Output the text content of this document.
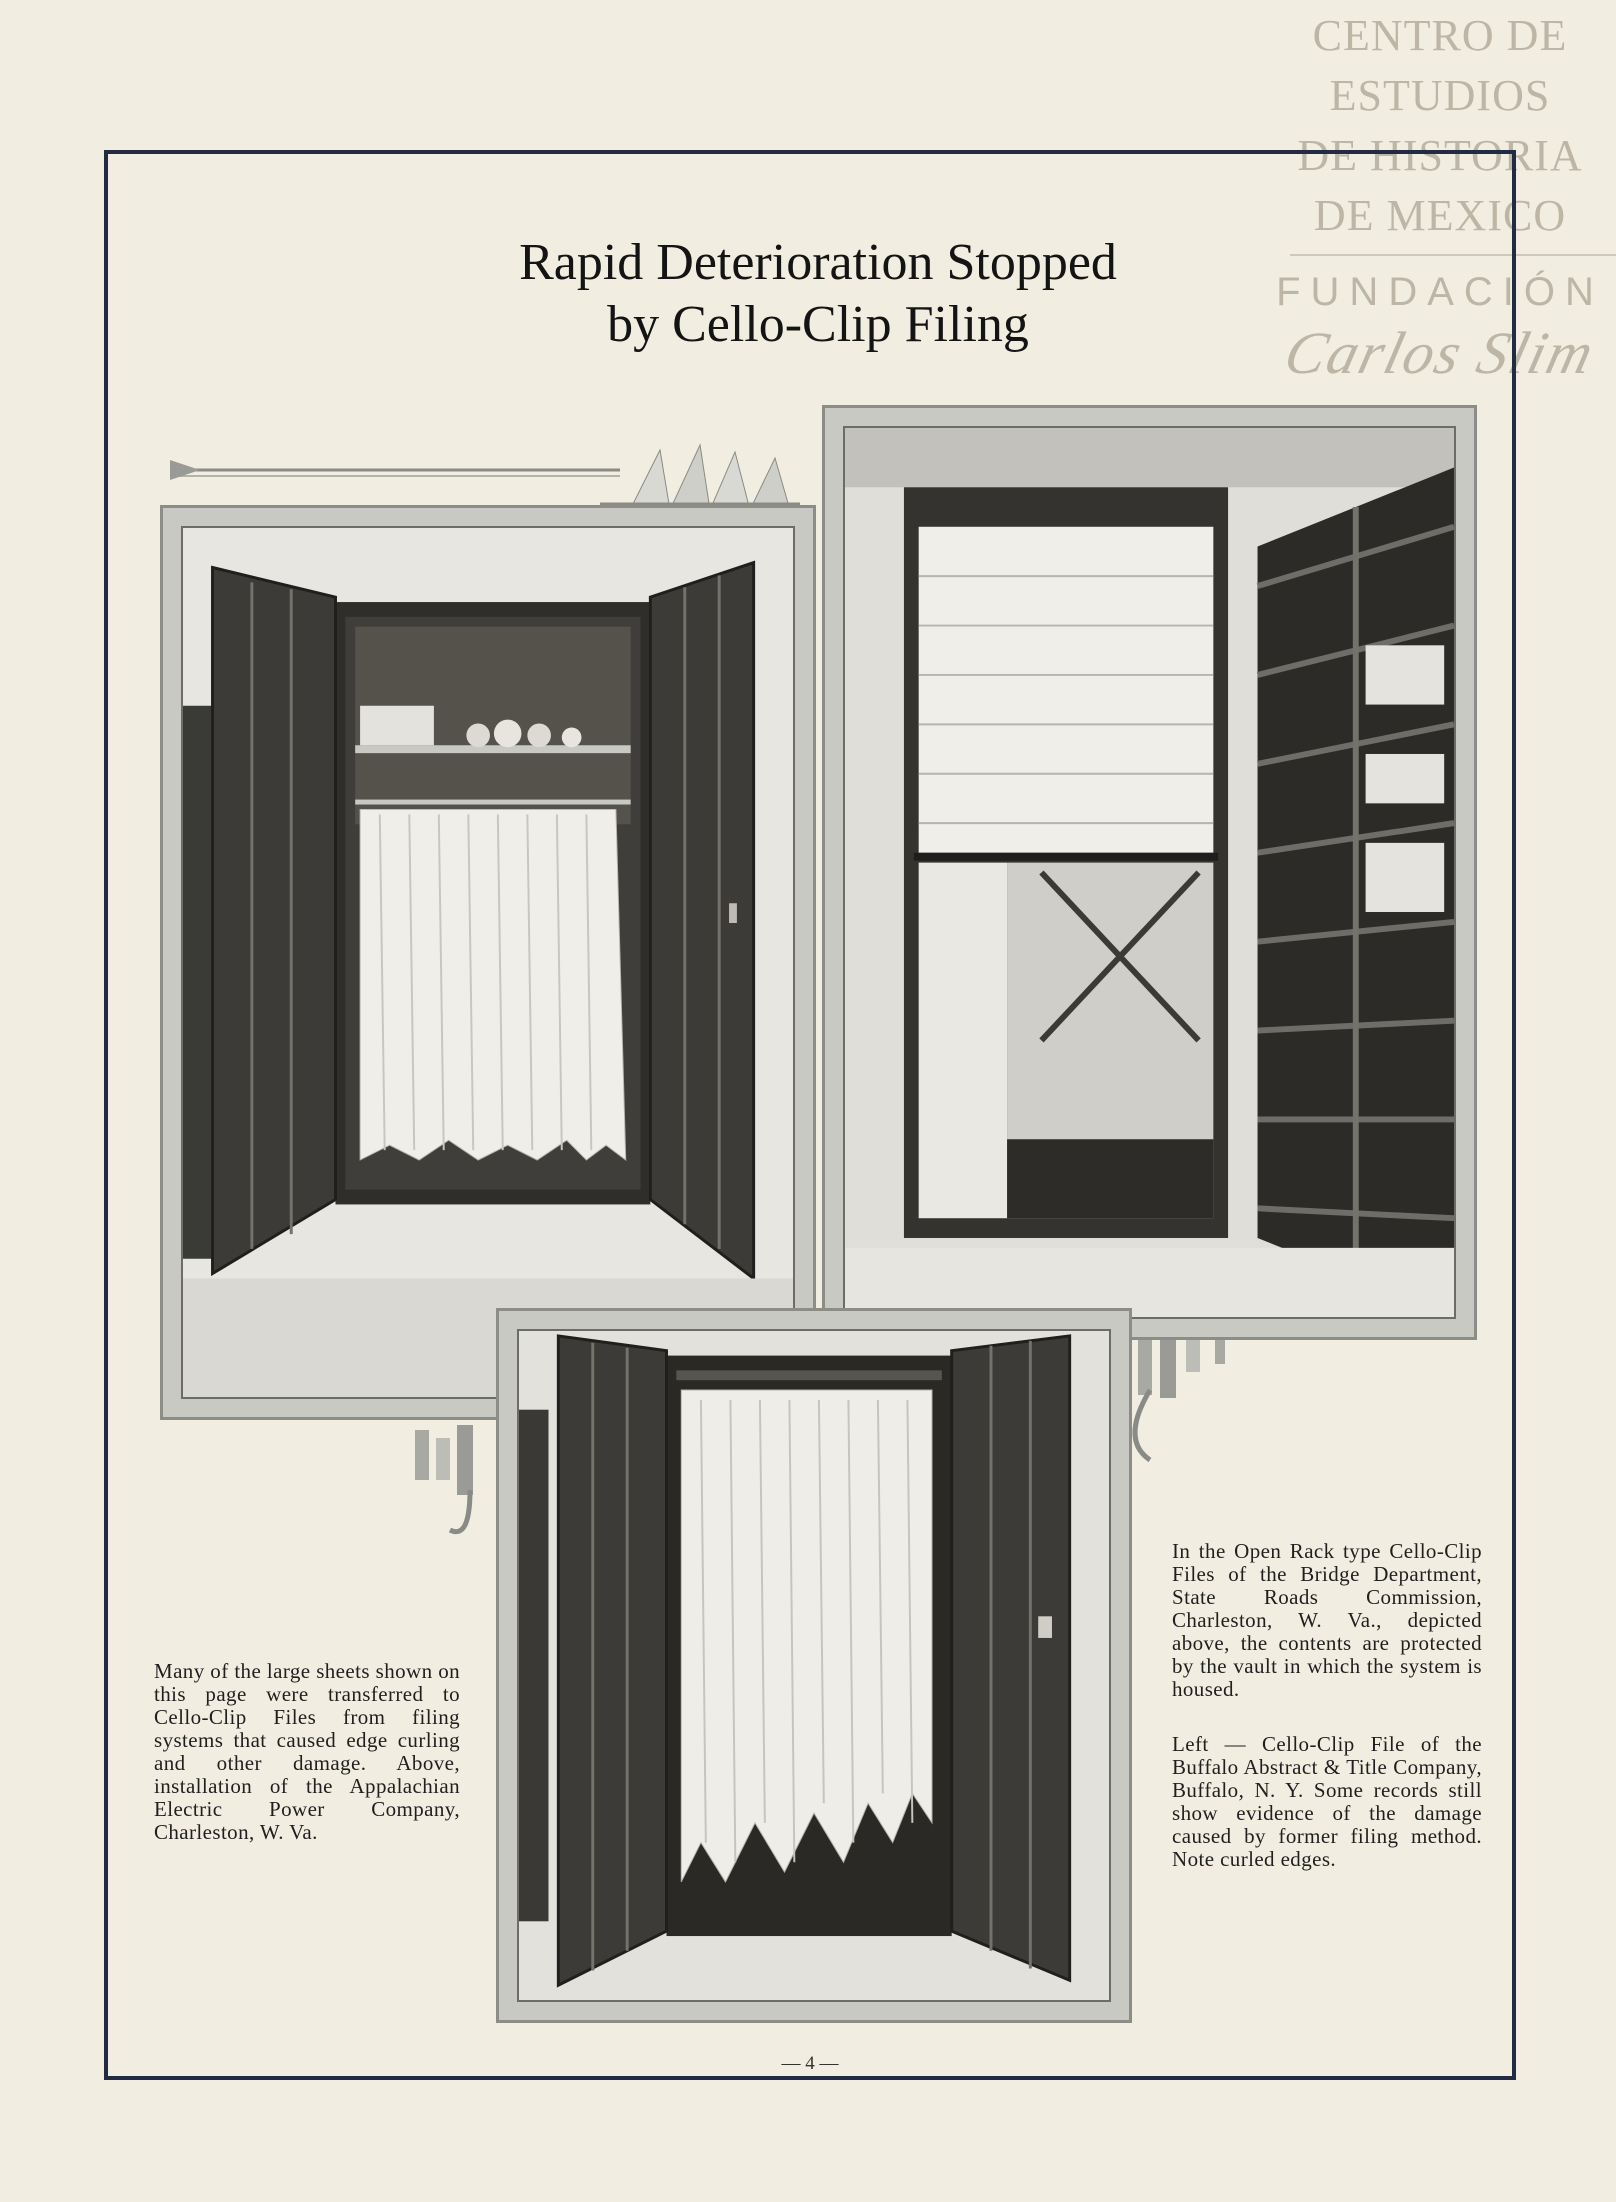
CENTRO DE
ESTUDIOS
DE HISTORIA
DE MEXICO
FUNDACIÓN
Carlos Slim
Rapid Deterioration Stopped
by Cello-Clip Filing

Many of the large sheets shown on this page were transferred to Cello-Clip Files from filing systems that caused edge curling and other damage. Above, installation of the Appalachian Electric Power Company, Charleston, W. Va.

In the Open Rack type Cello-Clip Files of the Bridge Department, State Roads Commission, Charleston, W. Va., depicted above, the contents are protected by the vault in which the system is housed.

Left — Cello-Clip File of the Buffalo Abstract & Title Company, Buffalo, N. Y. Some records still show evidence of the damage caused by former filing method. Note curled edges.

— 4 —
